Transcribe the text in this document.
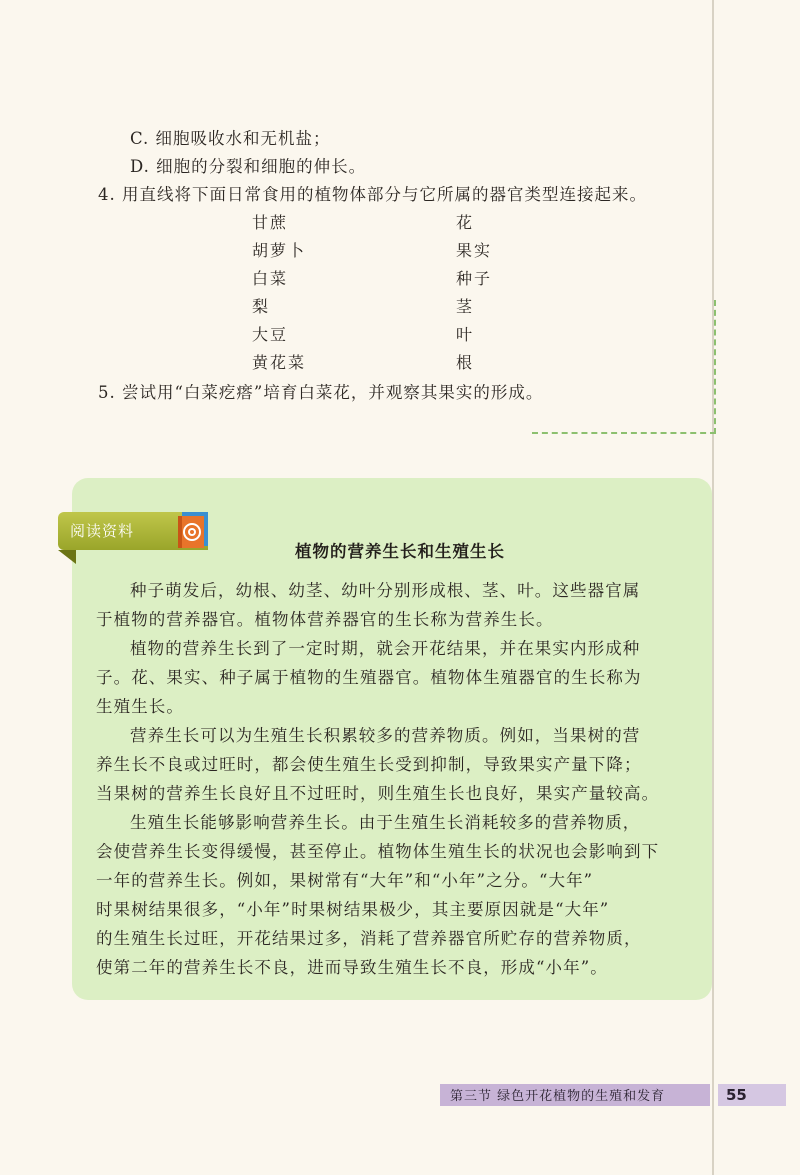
C. 细胞吸收水和无机盐；
D. 细胞的分裂和细胞的伸长。
4. 用直线将下面日常食用的植物体部分与它所属的器官类型连接起来。
甘蔗
胡萝卜
白菜
梨
大豆
黄花菜
花
果实
种子
茎
叶
根
5. 尝试用“白菜疙瘩”培育白菜花，并观察其果实的形成。
阅读资料
植物的营养生长和生殖生长
种子萌发后，幼根、幼茎、幼叶分别形成根、茎、叶。这些器官属
于植物的营养器官。植物体营养器官的生长称为营养生长。
植物的营养生长到了一定时期，就会开花结果，并在果实内形成种
子。花、果实、种子属于植物的生殖器官。植物体生殖器官的生长称为
生殖生长。
营养生长可以为生殖生长积累较多的营养物质。例如，当果树的营
养生长不良或过旺时，都会使生殖生长受到抑制，导致果实产量下降；
当果树的营养生长良好且不过旺时，则生殖生长也良好，果实产量较高。
生殖生长能够影响营养生长。由于生殖生长消耗较多的营养物质，
会使营养生长变得缓慢，甚至停止。植物体生殖生长的状况也会影响到下
一年的营养生长。例如，果树常有“大年”和“小年”之分。“大年”
时果树结果很多，“小年”时果树结果极少，其主要原因就是“大年”
的生殖生长过旺，开花结果过多，消耗了营养器官所贮存的营养物质，
使第二年的营养生长不良，进而导致生殖生长不良，形成“小年”。
第三节 绿色开花植物的生殖和发育	55
